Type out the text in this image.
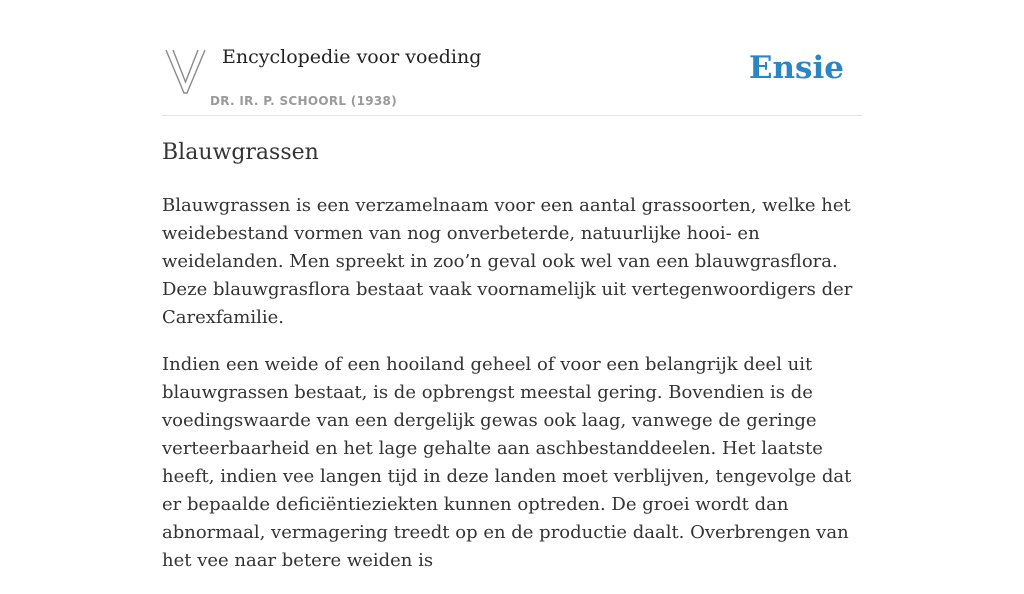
Encyclopedie voor voeding
DR. IR. P. SCHOORL (1938)
Ensie
Blauwgrassen

Blauwgrassen is een verzamelnaam voor een aantal grassoorten, welke het weidebestand vormen van nog onverbeterde, natuurlijke hooi- en weidelanden. Men spreekt in zoo’n geval ook wel van een blauwgrasflora. Deze blauwgrasflora bestaat vaak voornamelijk uit vertegenwoordigers der Carexfamilie.

Indien een weide of een hooiland geheel of voor een belangrijk deel uit blauwgrassen bestaat, is de opbrengst meestal gering. Bovendien is de voedingswaarde van een dergelijk gewas ook laag, vanwege de geringe verteerbaarheid en het lage gehalte aan aschbestanddeelen. Het laatste heeft, indien vee langen tijd in deze landen moet verblijven, tengevolge dat er bepaalde deficiëntieziekten kunnen optreden. De groei wordt dan abnormaal, vermagering treedt op en de productie daalt. Overbrengen van het vee naar betere weiden is
